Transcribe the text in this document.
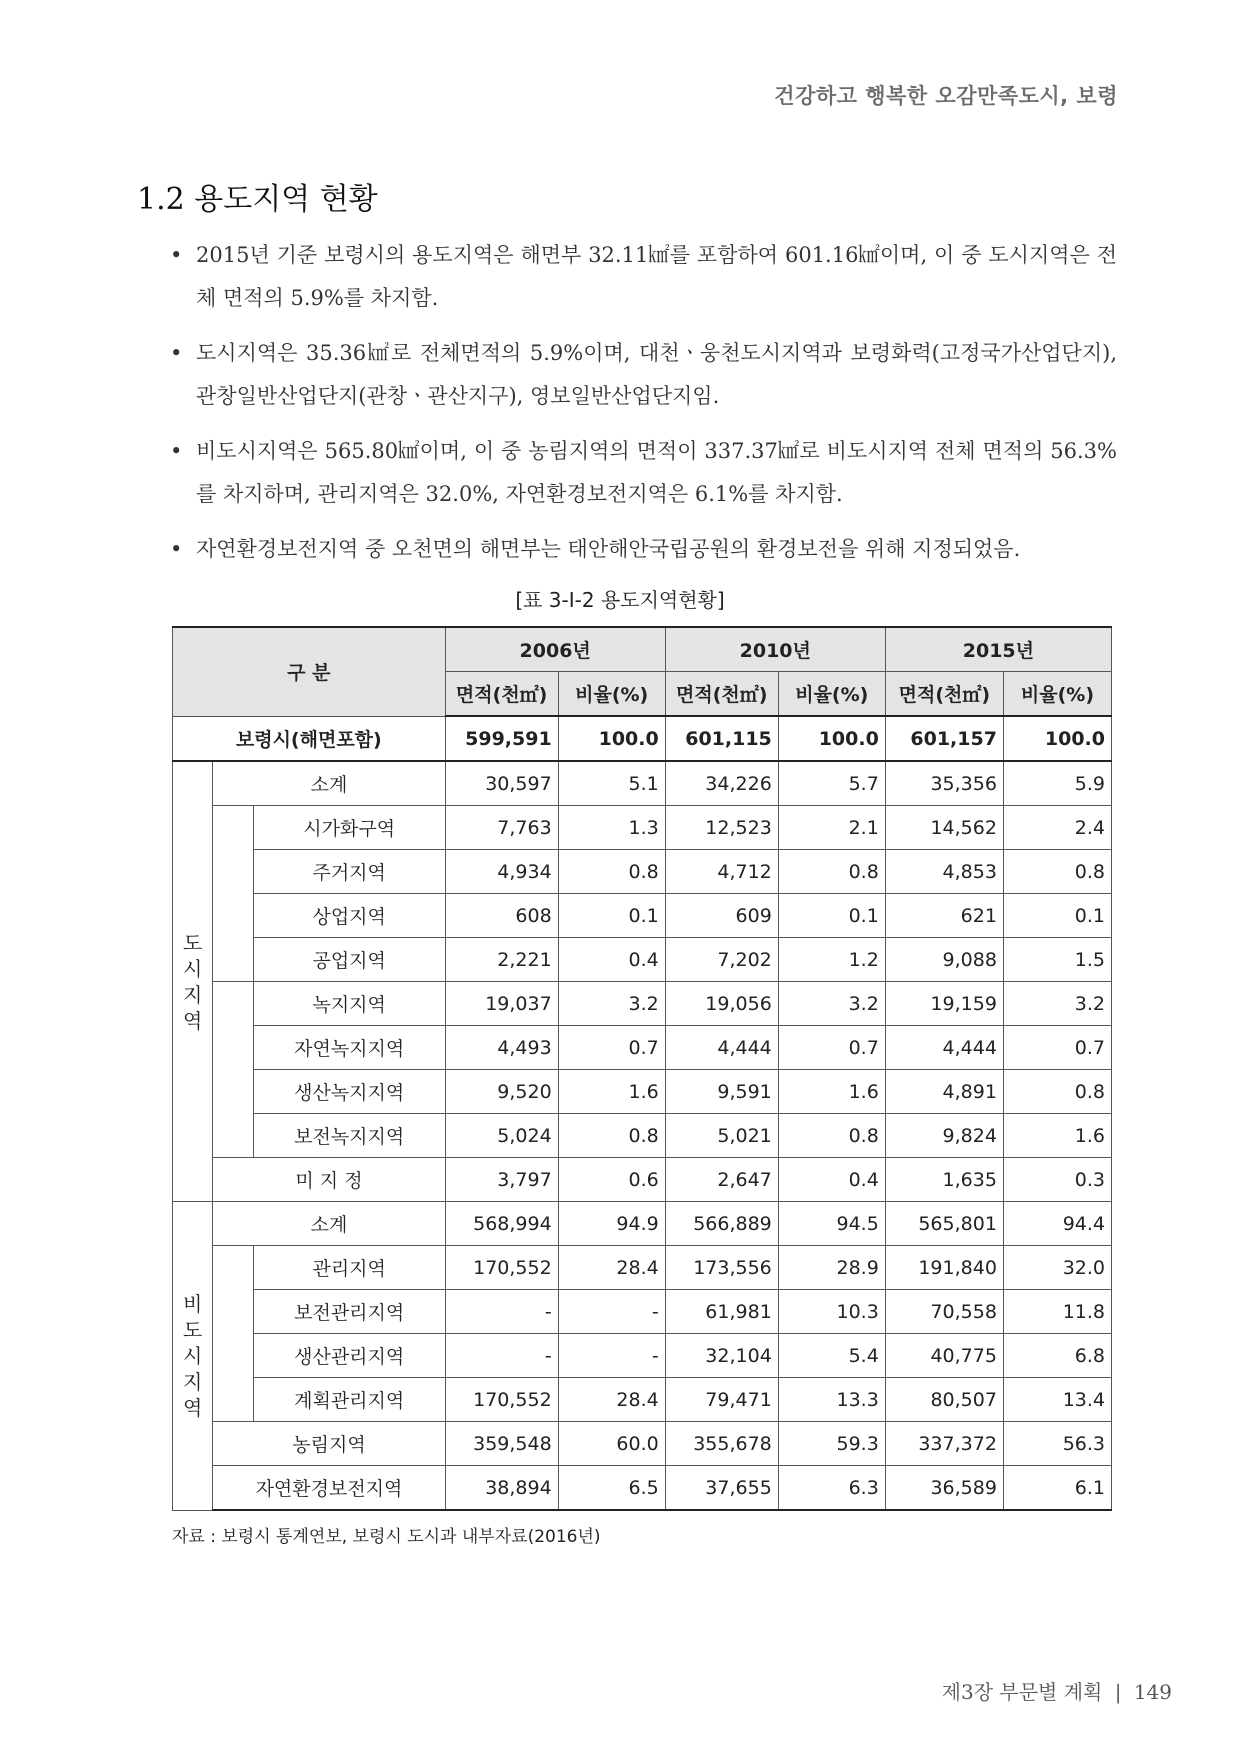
건강하고 행복한 오감만족도시, 보령
1.2 용도지역 현황
• 2015년 기준 보령시의 용도지역은 해면부 32.11㎢를 포함하여 601.16㎢이며, 이 중 도시지역은 전체 면적의 5.9%를 차지함.
• 도시지역은 35.36㎢로 전체면적의 5.9%이며, 대천ㆍ웅천도시지역과 보령화력(고정국가산업단지), 관창일반산업단지(관창ㆍ관산지구), 영보일반산업단지임.
• 비도시지역은 565.80㎢이며, 이 중 농림지역의 면적이 337.37㎢로 비도시지역 전체 면적의 56.3%를 차지하며, 관리지역은 32.0%, 자연환경보전지역은 6.1%를 차지함.
• 자연환경보전지역 중 오천면의 해면부는 태안해안국립공원의 환경보전을 위해 지정되었음.
[표 3-Ⅰ-2 용도지역현황]
구 분			2006년		2010년		2015년	
			면적(천㎡)	비율(%)	면적(천㎡)	비율(%)	면적(천㎡)	비율(%)
보령시(해면포함)			599,591	100.0	601,115	100.0	601,157	100.0
도
시
지
역	소계		30,597	5.1	34,226	5.7	35,356	5.9
		시가화구역	7,763	1.3	12,523	2.1	14,562	2.4
		주거지역	4,934	0.8	4,712	0.8	4,853	0.8
		상업지역	608	0.1	609	0.1	621	0.1
		공업지역	2,221	0.4	7,202	1.2	9,088	1.5
		녹지지역	19,037	3.2	19,056	3.2	19,159	3.2
		자연녹지지역	4,493	0.7	4,444	0.7	4,444	0.7
		생산녹지지역	9,520	1.6	9,591	1.6	4,891	0.8
		보전녹지지역	5,024	0.8	5,021	0.8	9,824	1.6
	미 지 정		3,797	0.6	2,647	0.4	1,635	0.3
비
도
시
지
역	소계		568,994	94.9	566,889	94.5	565,801	94.4
		관리지역	170,552	28.4	173,556	28.9	191,840	32.0
		보전관리지역	-	-	61,981	10.3	70,558	11.8
		생산관리지역	-	-	32,104	5.4	40,775	6.8
		계획관리지역	170,552	28.4	79,471	13.3	80,507	13.4
	농림지역		359,548	60.0	355,678	59.3	337,372	56.3
	자연환경보전지역		38,894	6.5	37,655	6.3	36,589	6.1
자료 : 보령시 통계연보, 보령시 도시과 내부자료(2016년)
제3장 부문별 계획 | 149
